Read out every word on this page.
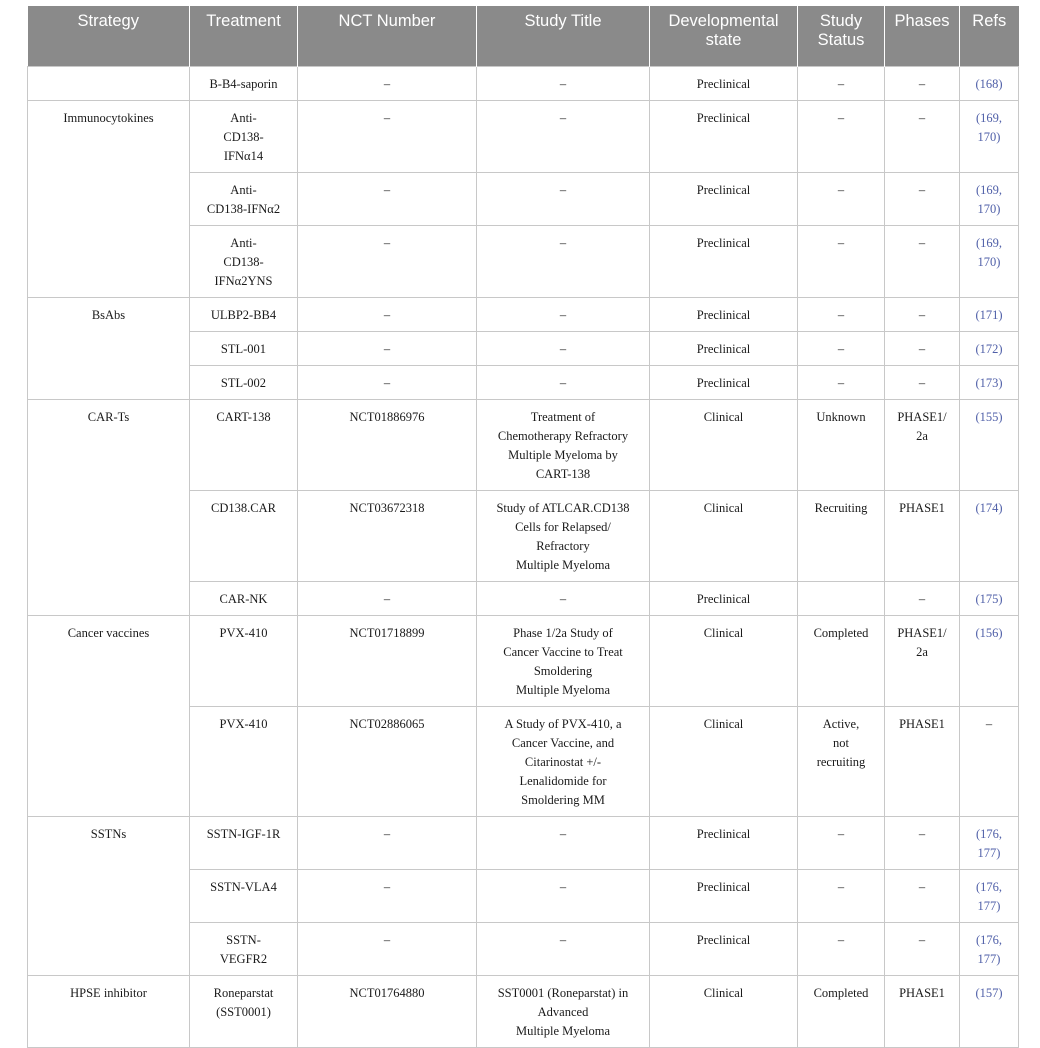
Strategy	Treatment	NCT Number	Study Title	Developmental state	Study Status	Phases	Refs
	B-B4-saporin	–	–	Preclinical	–	–	(168)
Immunocytokines	Anti-
CD138-
IFNα14	–	–	Preclinical	–	–	(169,
170)
	Anti-
CD138-IFNα2	–	–	Preclinical	–	–	(169,
170)
	Anti-
CD138-
IFNα2YNS	–	–	Preclinical	–	–	(169,
170)
BsAbs	ULBP2-BB4	–	–	Preclinical	–	–	(171)
	STL-001	–	–	Preclinical	–	–	(172)
	STL-002	–	–	Preclinical	–	–	(173)
CAR-Ts	CART-138	NCT01886976	Treatment of
Chemotherapy Refractory
Multiple Myeloma by
CART-138	Clinical	Unknown	PHASE1/
2a	(155)
	CD138.CAR	NCT03672318	Study of ATLCAR.CD138
Cells for Relapsed/
Refractory
Multiple Myeloma	Clinical	Recruiting	PHASE1	(174)
	CAR-NK	–	–	Preclinical		–	(175)
Cancer vaccines	PVX-410	NCT01718899	Phase 1/2a Study of
Cancer Vaccine to Treat
Smoldering
Multiple Myeloma	Clinical	Completed	PHASE1/
2a	(156)
	PVX-410	NCT02886065	A Study of PVX-410, a
Cancer Vaccine, and
Citarinostat +/-
Lenalidomide for
Smoldering MM	Clinical	Active,
not
recruiting	PHASE1	–
SSTNs	SSTN-IGF-1R	–	–	Preclinical	–	–	(176,
177)
	SSTN-VLA4	–	–	Preclinical	–	–	(176,
177)
	SSTN-
VEGFR2	–	–	Preclinical	–	–	(176,
177)
HPSE inhibitor	Roneparstat
(SST0001)	NCT01764880	SST0001 (Roneparstat) in
Advanced
Multiple Myeloma	Clinical	Completed	PHASE1	(157)
